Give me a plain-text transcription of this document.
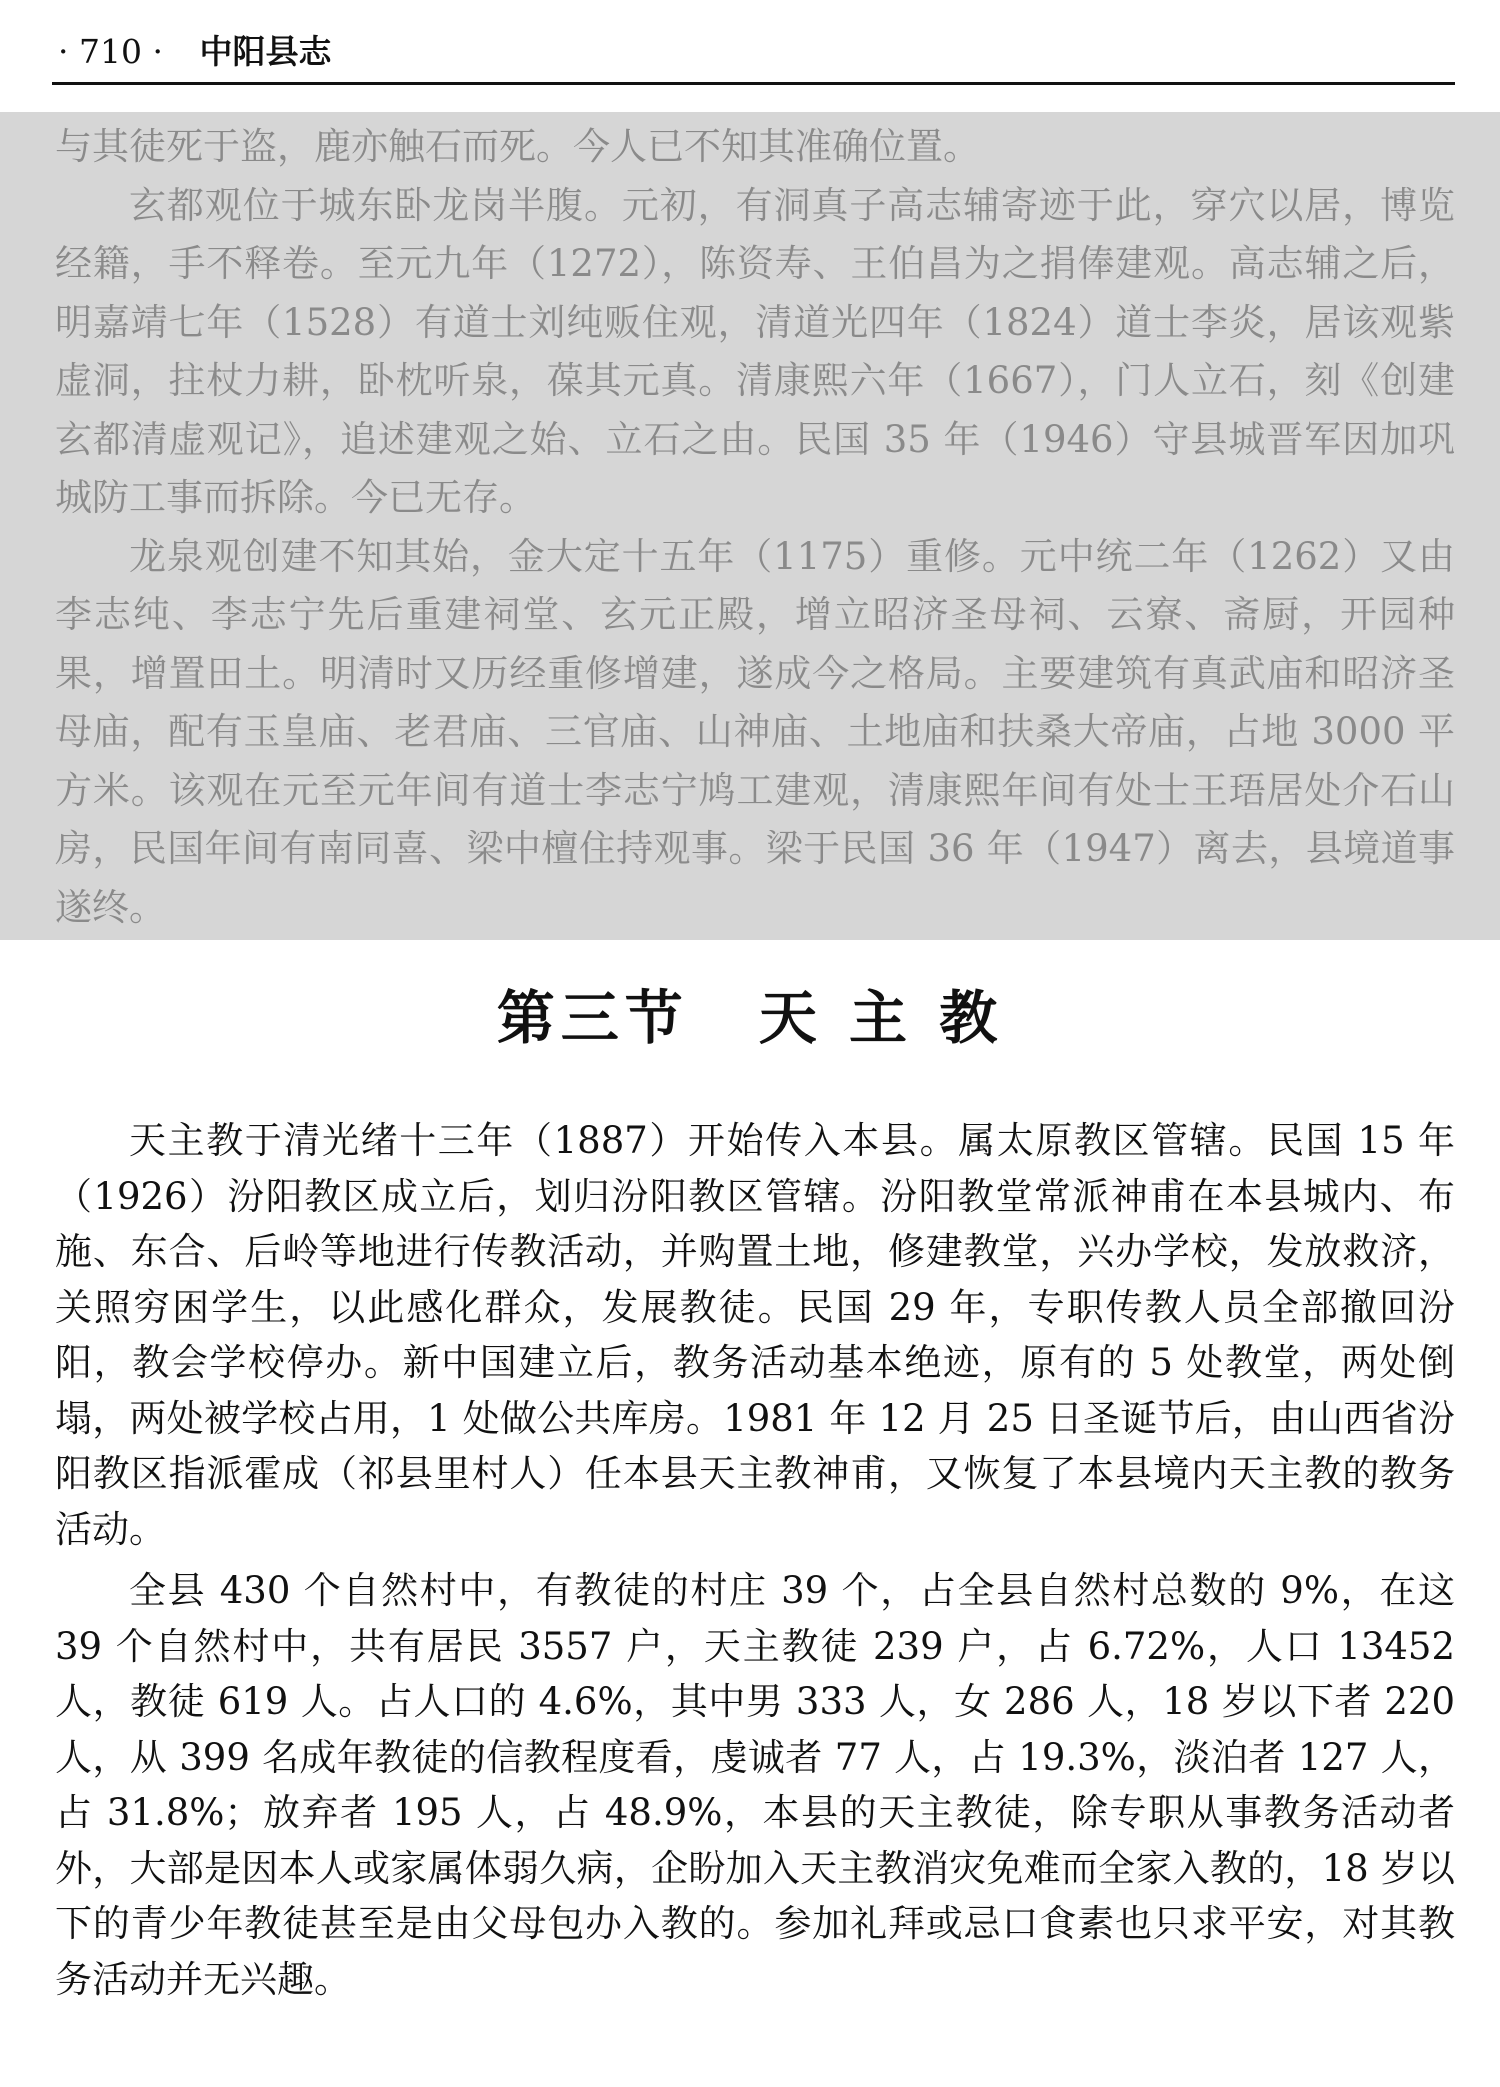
· 710 · 中阳县志

与其徒死于盗，鹿亦触石而死。今人已不知其准确位置。

玄都观位于城东卧龙岗半腹。元初，有洞真子高志辅寄迹于此，穿穴以居，博览经籍，手不释卷。至元九年（1272），陈资寿、王伯昌为之捐俸建观。高志辅之后，明嘉靖七年（1528）有道士刘纯贩住观，清道光四年（1824）道士李炎，居该观紫虚洞，拄杖力耕，卧枕听泉，葆其元真。清康熙六年（1667），门人立石，刻《创建玄都清虚观记》，追述建观之始、立石之由。民国 35 年（1946）守县城晋军因加巩城防工事而拆除。今已无存。

龙泉观创建不知其始，金大定十五年（1175）重修。元中统二年（1262）又由李志纯、李志宁先后重建祠堂、玄元正殿，增立昭济圣母祠、云寮、斋厨，开园种果，增置田土。明清时又历经重修增建，遂成今之格局。主要建筑有真武庙和昭济圣母庙，配有玉皇庙、老君庙、三官庙、山神庙、土地庙和扶桑大帝庙，占地 3000 平方米。该观在元至元年间有道士李志宁鸠工建观，清康熙年间有处士王珸居处介石山房，民国年间有南同喜、梁中檀住持观事。梁于民国 36 年（1947）离去，县境道事遂终。

第三节 天 主 教

天主教于清光绪十三年（1887）开始传入本县。属太原教区管辖。民国 15 年（1926）汾阳教区成立后，划归汾阳教区管辖。汾阳教堂常派神甫在本县城内、布施、东合、后岭等地进行传教活动，并购置土地，修建教堂，兴办学校，发放救济，关照穷困学生，以此感化群众，发展教徒。民国 29 年，专职传教人员全部撤回汾阳，教会学校停办。新中国建立后，教务活动基本绝迹，原有的 5 处教堂，两处倒塌，两处被学校占用，1 处做公共库房。1981 年 12 月 25 日圣诞节后，由山西省汾阳教区指派霍成（祁县里村人）任本县天主教神甫，又恢复了本县境内天主教的教务活动。

全县 430 个自然村中，有教徒的村庄 39 个，占全县自然村总数的 9%，在这 39 个自然村中，共有居民 3557 户，天主教徒 239 户，占 6.72%，人口 13452 人，教徒 619 人。占人口的 4.6%，其中男 333 人，女 286 人，18 岁以下者 220 人，从 399 名成年教徒的信教程度看，虔诚者 77 人，占 19.3%，淡泊者 127 人，占 31.8%；放弃者 195 人，占 48.9%，本县的天主教徒，除专职从事教务活动者外，大部是因本人或家属体弱久病，企盼加入天主教消灾免难而全家入教的，18 岁以下的青少年教徒甚至是由父母包办入教的。参加礼拜或忌口食素也只求平安，对其教务活动并无兴趣。
